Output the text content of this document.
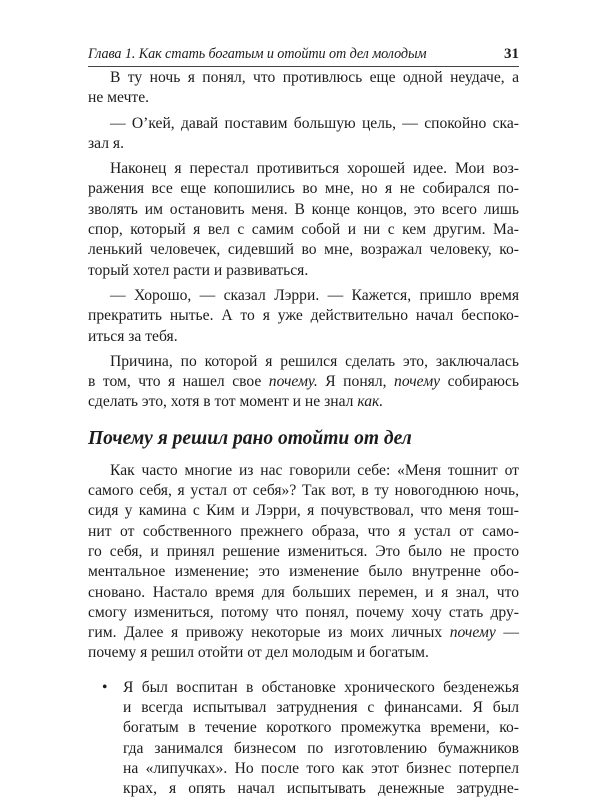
Глава 1. Как стать богатым и отойти от дел молодым	31
В ту ночь я понял, что противлюсь еще одной неудаче, а
не мечте.
— О’кей, давай поставим большую цель, — спокойно ска-
зал я.
Наконец я перестал противиться хорошей идее. Мои воз-
ражения все еще копошились во мне, но я не собирался по-
зволять им остановить меня. В конце концов, это всего лишь
спор, который я вел с самим собой и ни с кем другим. Ма-
ленький человечек, сидевший во мне, возражал человеку, ко-
торый хотел расти и развиваться.
— Хорошо, — сказал Лэрри. — Кажется, пришло время
прекратить нытье. А то я уже действительно начал беспоко-
иться за тебя.
Причина, по которой я решился сделать это, заключалась
в том, что я нашел свое почему. Я понял, почему собираюсь
сделать это, хотя в тот момент и не знал как.
Почему я решил рано отойти от дел
Как часто многие из нас говорили себе: «Меня тошнит от
самого себя, я устал от себя»? Так вот, в ту новогоднюю ночь,
сидя у камина с Ким и Лэрри, я почувствовал, что меня тош-
нит от собственного прежнего образа, что я устал от само-
го себя, и принял решение измениться. Это было не просто
ментальное изменение; это изменение было внутренне обо-
сновано. Настало время для больших перемен, и я знал, что
смогу измениться, потому что понял, почему хочу стать дру-
гим. Далее я привожу некоторые из моих личных почему —
почему я решил отойти от дел молодым и богатым.
• Я был воспитан в обстановке хронического безденежья
и всегда испытывал затруднения с финансами. Я был
богатым в течение короткого промежутка времени, ко-
гда занимался бизнесом по изготовлению бумажников
на «липучках». Но после того как этот бизнес потерпел
крах, я опять начал испытывать денежные затрудне-
